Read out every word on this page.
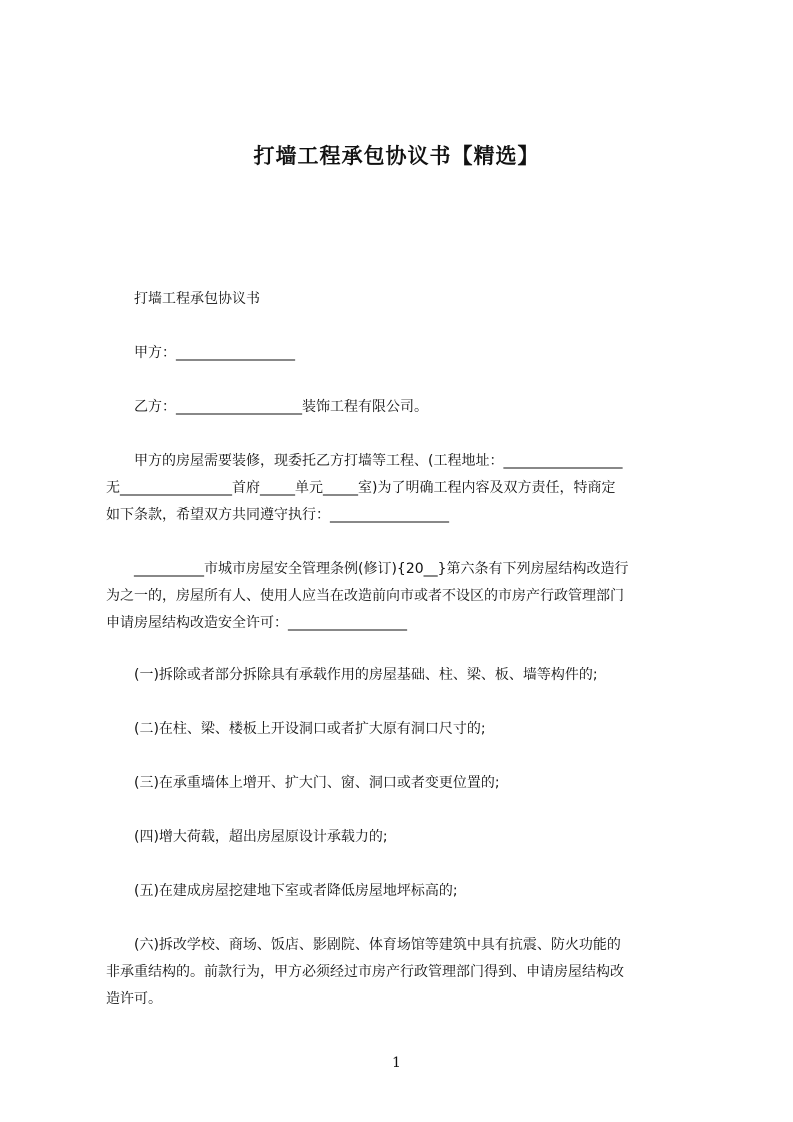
打墙工程承包协议书【精选】
　　打墙工程承包协议书
　　甲方：_________________
　　乙方：__________________装饰工程有限公司。
　　甲方的房屋需要装修，现委托乙方打墙等工程、(工程地址：_________________
无________________首府_____单元_____室)为了明确工程内容及双方责任，特商定
如下条款，希望双方共同遵守执行：_________________
　　__________市城市房屋安全管理条例(修订){20__}第六条有下列房屋结构改造行
为之一的，房屋所有人、使用人应当在改造前向市或者不设区的市房产行政管理部门
申请房屋结构改造安全许可：_________________
　　(一)拆除或者部分拆除具有承载作用的房屋基础、柱、梁、板、墙等构件的;
　　(二)在柱、梁、楼板上开设洞口或者扩大原有洞口尺寸的;
　　(三)在承重墙体上增开、扩大门、窗、洞口或者变更位置的;
　　(四)增大荷载，超出房屋原设计承载力的;
　　(五)在建成房屋挖建地下室或者降低房屋地坪标高的;
　　(六)拆改学校、商场、饭店、影剧院、体育场馆等建筑中具有抗震、防火功能的
非承重结构的。前款行为，甲方必须经过市房产行政管理部门得到、申请房屋结构改
造许可。
1
